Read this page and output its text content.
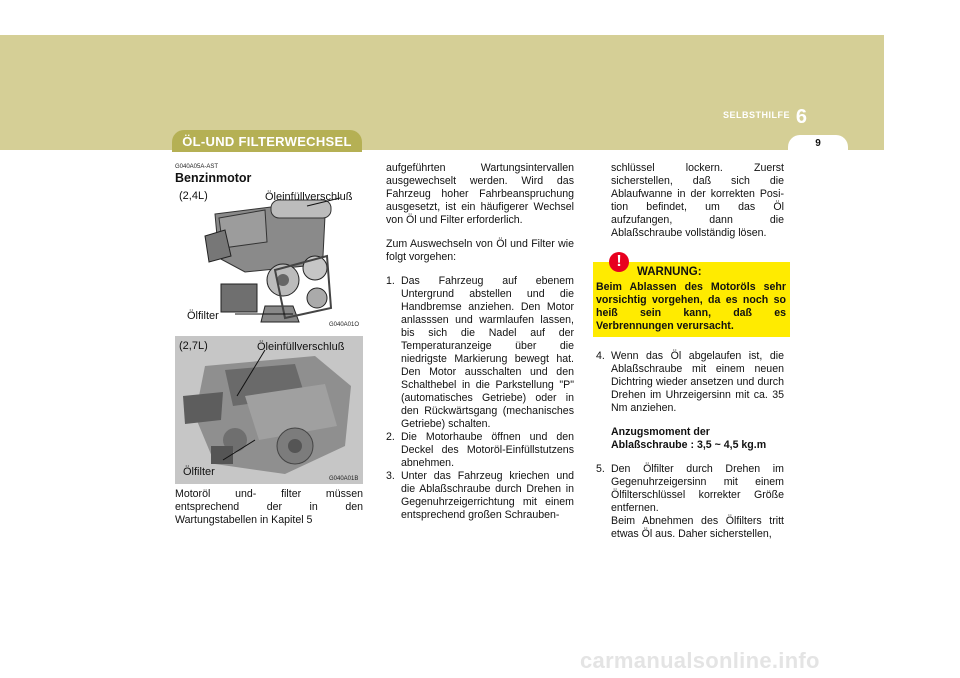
SELBSTHILFE 6
9
ÖL-UND FILTERWECHSEL
G040A05A-AST
Benzinmotor
(2,4L)	Öleinfüllverschluß
Ölfilter
G040A01O
(2,7L)	Öleinfüllverschluß
Ölfilter
G040A01B

Motoröl und- filter müssen entsprechend der in den Wartungstabellen in Kapitel 5

aufgeführten Wartungsintervallen ausgewechselt werden. Wird das Fahrzeug hoher Fahrbeanspruchung ausgesetzt, ist ein häufigerer Wechsel von Öl und Filter erforderlich.

Zum Auswechseln von Öl und Filter wie folgt vorgehen:

1. Das Fahrzeug auf ebenem Untergrund abstellen und die Handbremse anziehen. Den Motor anlasssen und warmlaufen lassen, bis sich die Nadel auf der Temperaturanzeige über die niedrigste Markierung bewegt hat. Den Motor ausschalten und den Schalthebel in die Parkstellung "P" (automatisches Getriebe) oder in den Rückwärtsgang (mechanisches Getriebe) schalten.
2. Die Motorhaube öffnen und den Deckel des Motoröl-Einfüllstutzens abnehmen.
3. Unter das Fahrzeug kriechen und die Ablaßschraube durch Drehen in Gegenuhrzeigerrichtung mit einem entsprechend großen Schrauben-

schlüssel lockern. Zuerst sicherstellen, daß sich die Ablaufwanne in der korrekten Posi- tion befindet, um das Öl aufzufangen, dann die Ablaßschraube vollständig lösen.

!
WARNUNG:
Beim Ablassen des Motoröls sehr vorsichtig vorgehen, da es noch so heiß sein kann, daß es Verbrennungen verursacht.
4. Wenn das Öl abgelaufen ist, die Ablaßschraube mit einem neuen Dichtring wieder ansetzen und durch Drehen im Uhrzeigersinn mit ca. 35 Nm anziehen.
Anzugsmoment der
Ablaßschraube : 3,5 ~ 4,5 kg.m
5. Den Ölfilter durch Drehen im Gegenuhrzeigersinn mit einem Ölfilterschlüssel korrekter Größe entfernen.
Beim Abnehmen des Ölfilters tritt etwas Öl aus. Daher sicherstellen,
carmanualsonline.info
